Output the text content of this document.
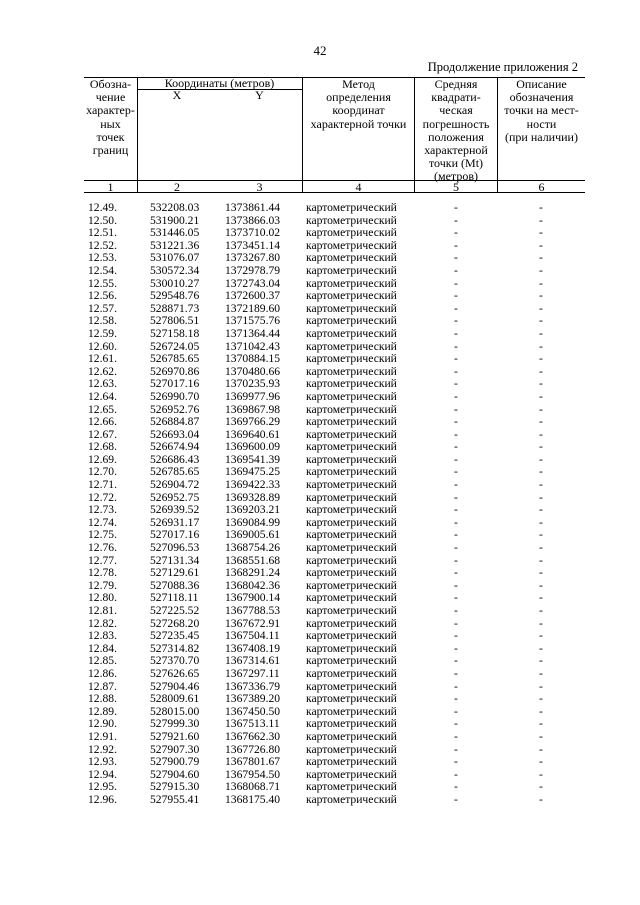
42
Продолжение приложения 2
Обозна-
чение
характер-
ных
точек
границ
Координаты (метров)
X	Y
Метод
определения
координат
характерной точки
Средняя
квадрати-
ческая
погрешность
положения
характерной
точки (Mt)
(метров)
Описание
обозначения
точки на мест-
ности
(при наличии)
1	2	3	4	5	6
12.49.	532208.03 1373861.44 картометрический	-	-
12.50.	531900.21 1373866.03 картометрический	-	-
12.51.	531446.05 1373710.02 картометрический	-	-
12.52.	531221.36 1373451.14 картометрический	-	-
12.53.	531076.07 1373267.80 картометрический	-	-
12.54.	530572.34 1372978.79 картометрический	-	-
12.55.	530010.27 1372743.04 картометрический	-	-
12.56.	529548.76 1372600.37 картометрический	-	-
12.57.	528871.73 1372189.60 картометрический	-	-
12.58.	527806.51 1371575.76 картометрический	-	-
12.59.	527158.18 1371364.44 картометрический	-	-
12.60.	526724.05 1371042.43 картометрический	-	-
12.61.	526785.65 1370884.15 картометрический	-	-
12.62.	526970.86 1370480.66 картометрический	-	-
12.63.	527017.16 1370235.93 картометрический	-	-
12.64.	526990.70 1369977.96 картометрический	-	-
12.65.	526952.76 1369867.98 картометрический	-	-
12.66.	526884.87 1369766.29 картометрический	-	-
12.67.	526693.04 1369640.61 картометрический	-	-
12.68.	526674.94 1369600.09 картометрический	-	-
12.69.	526686.43 1369541.39 картометрический	-	-
12.70.	526785.65 1369475.25 картометрический	-	-
12.71.	526904.72 1369422.33 картометрический	-	-
12.72.	526952.75 1369328.89 картометрический	-	-
12.73.	526939.52 1369203.21 картометрический	-	-
12.74.	526931.17 1369084.99 картометрический	-	-
12.75.	527017.16 1369005.61 картометрический	-	-
12.76.	527096.53 1368754.26 картометрический	-	-
12.77.	527131.34 1368551.68 картометрический	-	-
12.78.	527129.61 1368291.24 картометрический	-	-
12.79.	527088.36 1368042.36 картометрический	-	-
12.80.	527118.11 1367900.14 картометрический	-	-
12.81.	527225.52 1367788.53 картометрический	-	-
12.82.	527268.20 1367672.91 картометрический	-	-
12.83.	527235.45 1367504.11 картометрический	-	-
12.84.	527314.82 1367408.19 картометрический	-	-
12.85.	527370.70 1367314.61 картометрический	-	-
12.86.	527626.65 1367297.11 картометрический	-	-
12.87.	527904.46 1367336.79 картометрический	-	-
12.88.	528009.61 1367389.20 картометрический	-	-
12.89.	528015.00 1367450.50 картометрический	-	-
12.90.	527999.30 1367513.11 картометрический	-	-
12.91.	527921.60 1367662.30 картометрический	-	-
12.92.	527907.30 1367726.80 картометрический	-	-
12.93.	527900.79 1367801.67 картометрический	-	-
12.94.	527904.60 1367954.50 картометрический	-	-
12.95.	527915.30 1368068.71 картометрический	-	-
12.96.	527955.41 1368175.40 картометрический	-	-
